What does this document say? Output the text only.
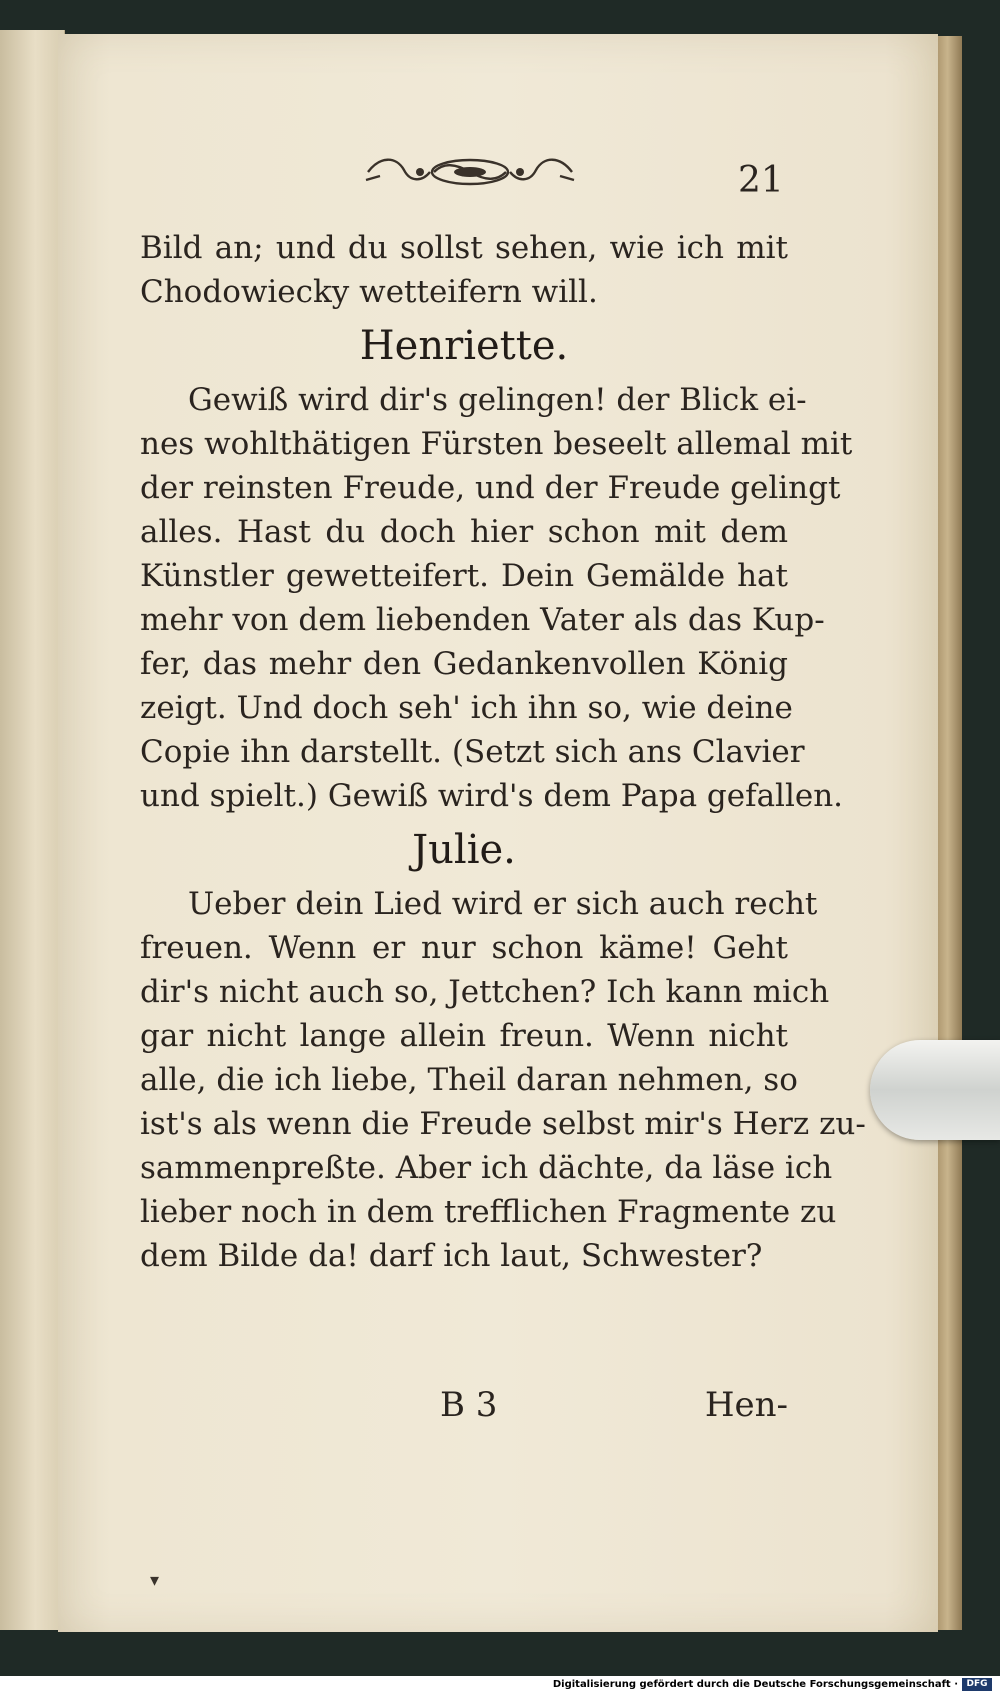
21
Bild an; und du sollst sehen, wie ich mit
Chodowiecky wetteifern will.
Henriette.
Gewiß wird dir's gelingen! der Blick ei-
nes wohlthätigen Fürsten beseelt allemal mit
der reinsten Freude, und der Freude gelingt
alles. Hast du doch hier schon mit dem
Künstler gewetteifert. Dein Gemälde hat
mehr von dem liebenden Vater als das Kup-
fer, das mehr den Gedankenvollen König
zeigt. Und doch seh' ich ihn so, wie deine
Copie ihn darstellt. (Setzt sich ans Clavier
und spielt.) Gewiß wird's dem Papa gefallen.
Julie.
Ueber dein Lied wird er sich auch recht
freuen. Wenn er nur schon käme! Geht
dir's nicht auch so, Jettchen? Ich kann mich
gar nicht lange allein freun. Wenn nicht
alle, die ich liebe, Theil daran nehmen, so
ist's als wenn die Freude selbst mir's Herz zu-
sammenpreßte. Aber ich dächte, da läse ich
lieber noch in dem trefflichen Fragmente zu
dem Bilde da! darf ich laut, Schwester?
B 3	Hen-
▾
Digitalisierung gefördert durch die Deutsche Forschungsgemeinschaft · DFG
